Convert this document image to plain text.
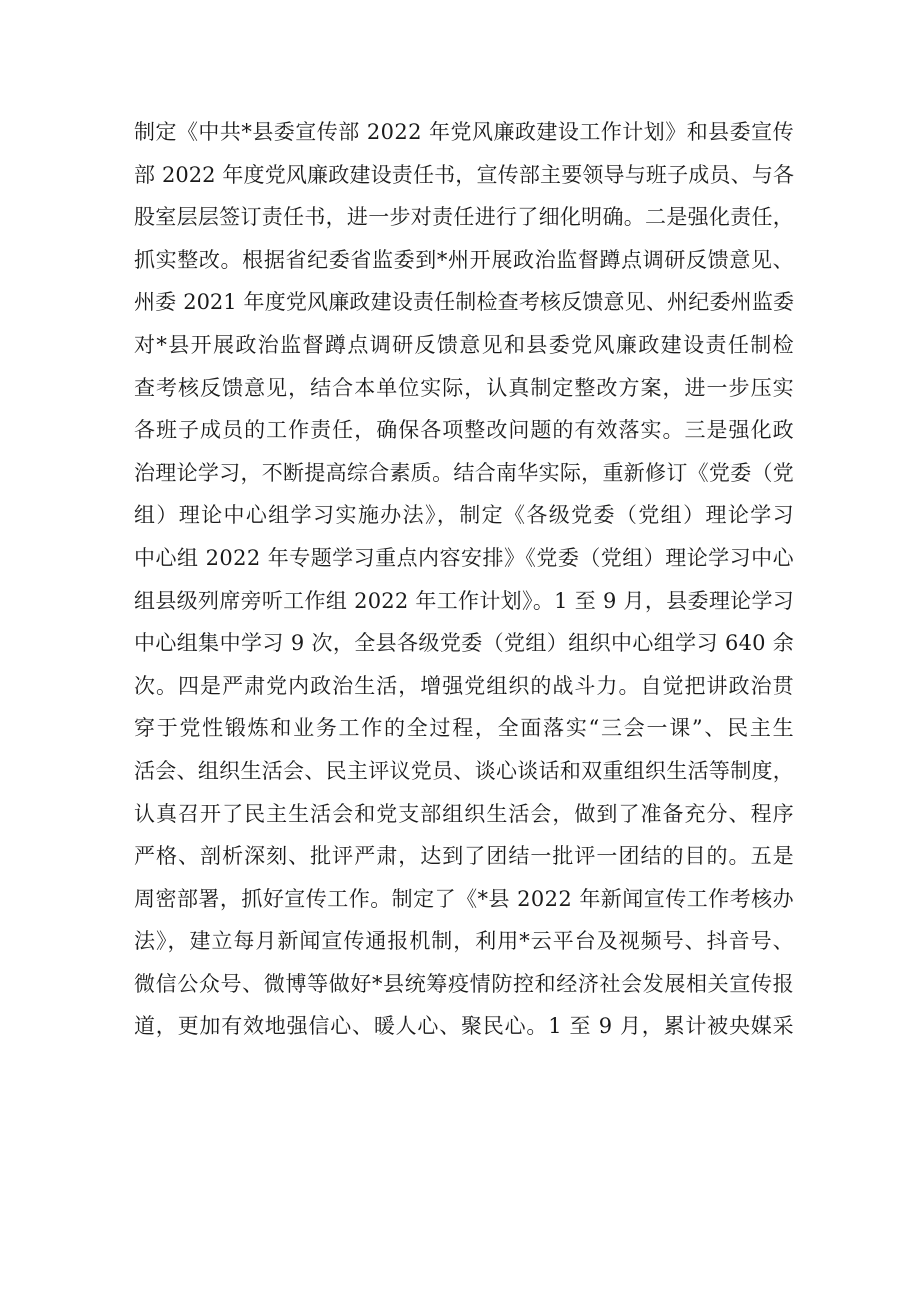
制定《中共*县委宣传部 2022 年党风廉政建设工作计划》和县委宣传
部 2022 年度党风廉政建设责任书，宣传部主要领导与班子成员、与各
股室层层签订责任书，进一步对责任进行了细化明确。二是强化责任，
抓实整改。根据省纪委省监委到*州开展政治监督蹲点调研反馈意见、
州委 2021 年度党风廉政建设责任制检查考核反馈意见、州纪委州监委
对*县开展政治监督蹲点调研反馈意见和县委党风廉政建设责任制检
查考核反馈意见，结合本单位实际，认真制定整改方案，进一步压实
各班子成员的工作责任，确保各项整改问题的有效落实。三是强化政
治理论学习，不断提高综合素质。结合南华实际，重新修订《党委（党
组）理论中心组学习实施办法》，制定《各级党委（党组）理论学习
中心组 2022 年专题学习重点内容安排》《党委（党组）理论学习中心
组县级列席旁听工作组 2022 年工作计划》。1 至 9 月，县委理论学习
中心组集中学习 9 次，全县各级党委（党组）组织中心组学习 640 余
次。四是严肃党内政治生活，增强党组织的战斗力。自觉把讲政治贯
穿于党性锻炼和业务工作的全过程，全面落实“三会一课”、民主生
活会、组织生活会、民主评议党员、谈心谈话和双重组织生活等制度，
认真召开了民主生活会和党支部组织生活会，做到了准备充分、程序
严格、剖析深刻、批评严肃，达到了团结一批评一团结的目的。五是
周密部署，抓好宣传工作。制定了《*县 2022 年新闻宣传工作考核办
法》，建立每月新闻宣传通报机制，利用*云平台及视频号、抖音号、
微信公众号、微博等做好*县统筹疫情防控和经济社会发展相关宣传报
道，更加有效地强信心、暖人心、聚民心。1 至 9 月，累计被央媒采
